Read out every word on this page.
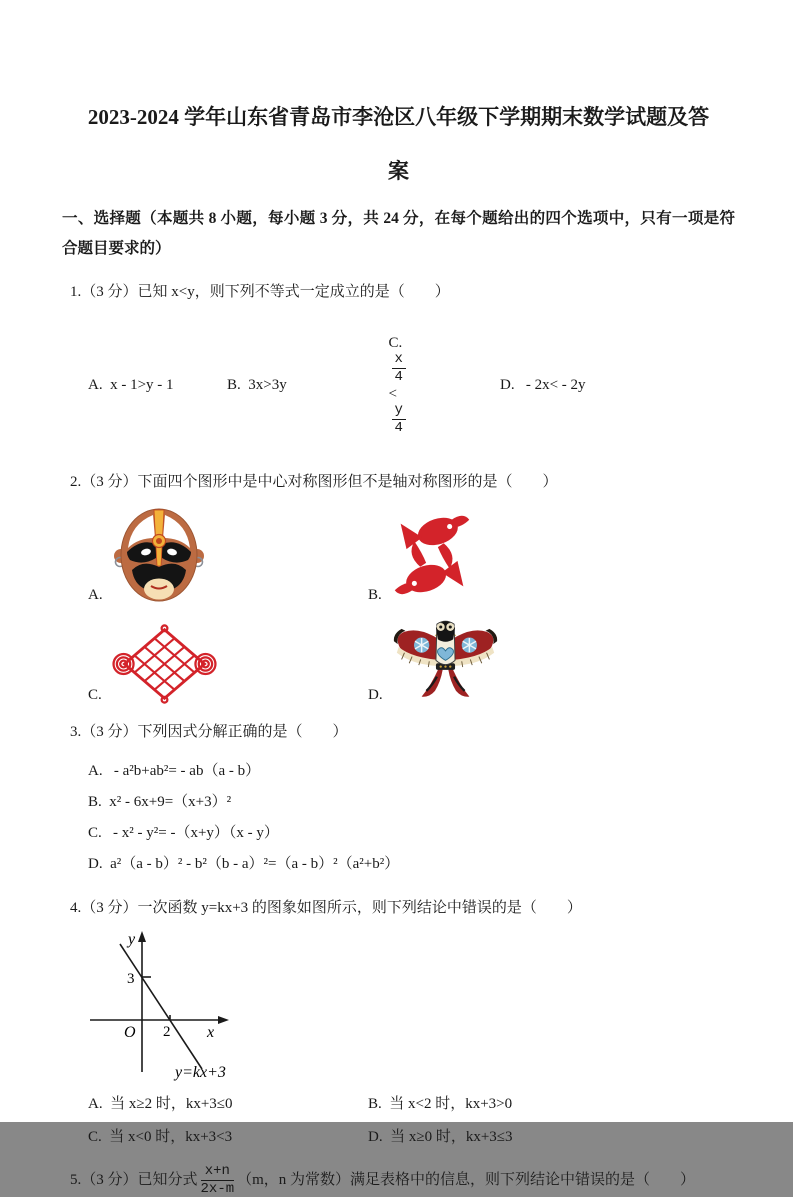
2023-2024 学年山东省青岛市李沧区八年级下学期期末数学试题及答
案

一、选择题（本题共 8 小题，每小题 3 分，共 24 分，在每个题给出的四个选项中，只有一项是符合题目要求的）

1.（3 分）已知 x<y，则下列不等式一定成立的是（　　）
A.  x - 1>y - 1	B.  3x>3y

C.

$\frac{x}{4}$

<

$\frac{y}{4}$

D.   - 2x< - 2y
2.（3 分）下面四个图形中是中心对称图形但不是轴对称图形的是（　　）
A.	B.
C.	D.
3.（3 分）下列因式分解正确的是（　　）
A.   - a²b+ab²= - ab（a - b）
B.  x² - 6x+9=（x+3）²
C.   - x² - y²= -（x+y）（x - y）
D.  a²（a - b）² - b²（b - a）²=（a - b）²（a²+b²）
4.（3 分）一次函数 y=kx+3 的图象如图所示，则下列结论中错误的是（　　）
y
x
O
3
2
y=kx+3
A.  当 x≥2 时，kx+3≤0	B.  当 x<2 时，kx+3>0
C.  当 x<0 时，kx+3<3	D.  当 x≥0 时，kx+3≤3
5.（3 分）已知分式 $\frac{x+n}{2x-m} (m$，n 为常数）满足表格中的信息，则下列结论中错误的是（　　）
